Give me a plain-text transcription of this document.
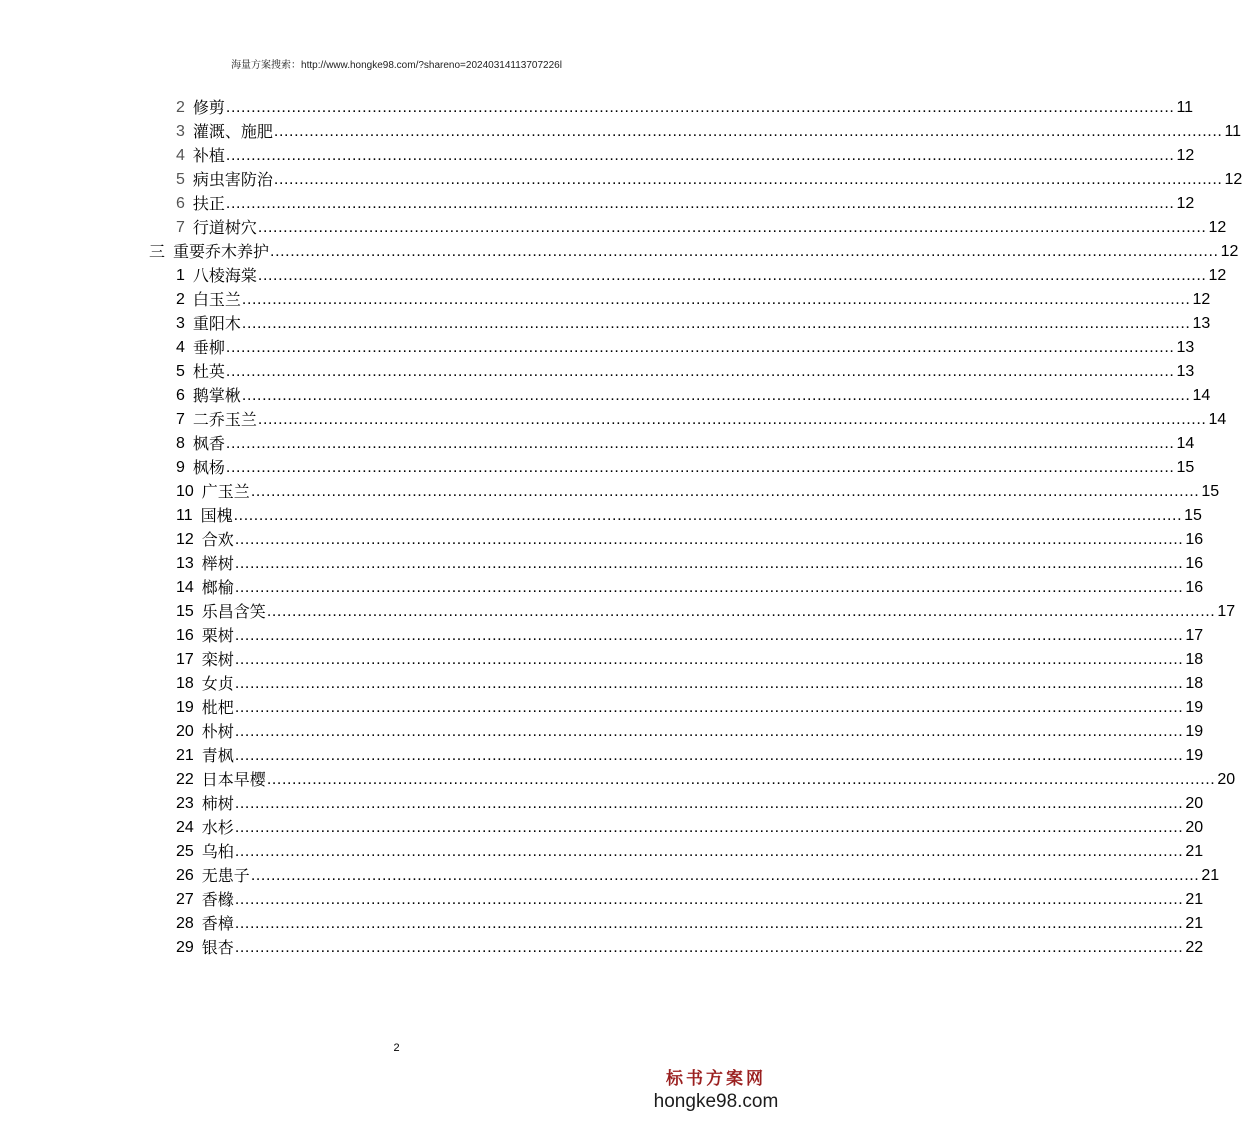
海量方案搜索：http://www.hongke98.com/?shareno=20240314113707226l
2 修剪 ............................................................................................................................................................................................ 11
3 灌溉、施肥 ............................................................................................................................................................................................ 11
4 补植 ............................................................................................................................................................................................ 12
5 病虫害防治 ............................................................................................................................................................................................ 12
6 扶正 ............................................................................................................................................................................................ 12
7 行道树穴 ............................................................................................................................................................................................ 12
三 重要乔木养护 ............................................................................................................................................................................................ 12
1 八棱海棠 ............................................................................................................................................................................................ 12
2 白玉兰 ............................................................................................................................................................................................ 12
3 重阳木 ............................................................................................................................................................................................ 13
4 垂柳 ............................................................................................................................................................................................ 13
5 杜英 ............................................................................................................................................................................................ 13
6 鹅掌楸 ............................................................................................................................................................................................ 14
7 二乔玉兰 ............................................................................................................................................................................................ 14
8 枫香 ............................................................................................................................................................................................ 14
9 枫杨 ............................................................................................................................................................................................ 15
10 广玉兰 ............................................................................................................................................................................................ 15
11 国槐 ............................................................................................................................................................................................ 15
12 合欢 ............................................................................................................................................................................................ 16
13 榉树 ............................................................................................................................................................................................ 16
14 榔榆 ............................................................................................................................................................................................ 16
15 乐昌含笑 ............................................................................................................................................................................................ 17
16 栗树 ............................................................................................................................................................................................ 17
17 栾树 ............................................................................................................................................................................................ 18
18 女贞 ............................................................................................................................................................................................ 18
19 枇杷 ............................................................................................................................................................................................ 19
20 朴树 ............................................................................................................................................................................................ 19
21 青枫 ............................................................................................................................................................................................ 19
22 日本早樱 ............................................................................................................................................................................................ 20
23 柿树 ............................................................................................................................................................................................ 20
24 水杉 ............................................................................................................................................................................................ 20
25 乌桕 ............................................................................................................................................................................................ 21
26 无患子 ............................................................................................................................................................................................ 21
27 香橼 ............................................................................................................................................................................................ 21
28 香樟 ............................................................................................................................................................................................ 21
29 银杏 ............................................................................................................................................................................................ 22
2
标书方案网
hongke98.com
